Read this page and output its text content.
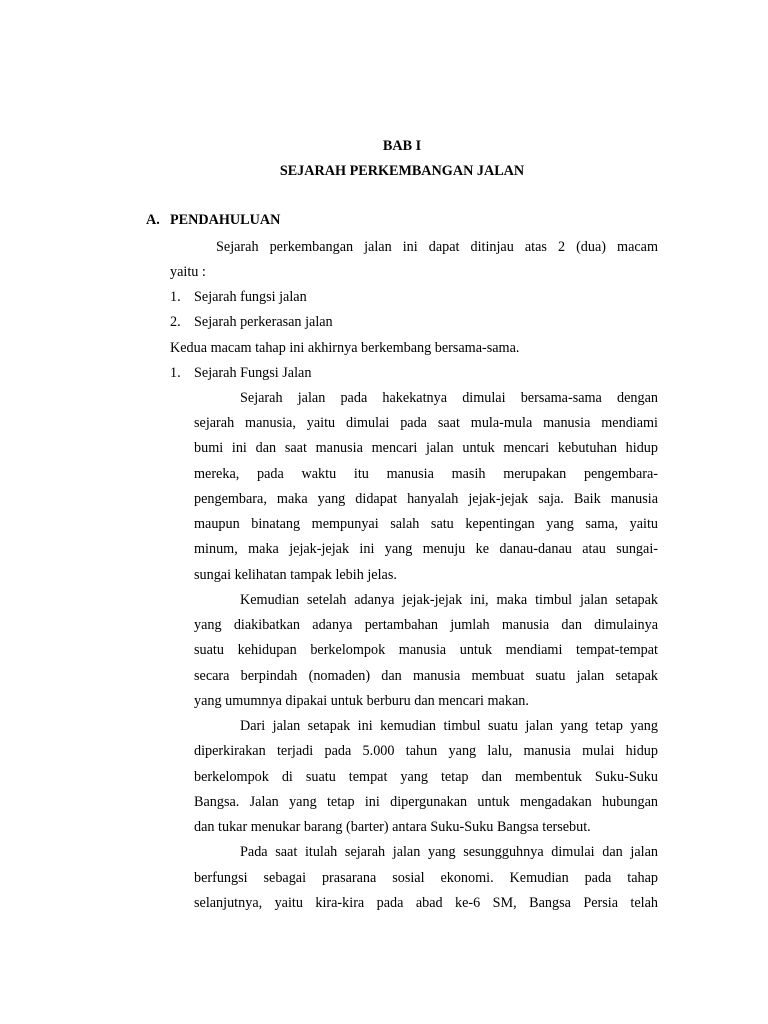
BAB I
SEJARAH PERKEMBANGAN JALAN
A. PENDAHULUAN
Sejarah perkembangan jalan ini dapat ditinjau atas 2 (dua) macam
yaitu :
1. Sejarah fungsi jalan
2. Sejarah perkerasan jalan
Kedua macam tahap ini akhirnya berkembang bersama-sama.
1. Sejarah Fungsi Jalan
Sejarah jalan pada hakekatnya dimulai bersama-sama dengan
sejarah manusia, yaitu dimulai pada saat mula-mula manusia mendiami
bumi ini dan saat manusia mencari jalan untuk mencari kebutuhan hidup
mereka, pada waktu itu manusia masih merupakan pengembara-
pengembara, maka yang didapat hanyalah jejak-jejak saja. Baik manusia
maupun binatang mempunyai salah satu kepentingan yang sama, yaitu
minum, maka jejak-jejak ini yang menuju ke danau-danau atau sungai-
sungai kelihatan tampak lebih jelas.
Kemudian setelah adanya jejak-jejak ini, maka timbul jalan setapak
yang diakibatkan adanya pertambahan jumlah manusia dan dimulainya
suatu kehidupan berkelompok manusia untuk mendiami tempat-tempat
secara berpindah (nomaden) dan manusia membuat suatu jalan setapak
yang umumnya dipakai untuk berburu dan mencari makan.
Dari jalan setapak ini kemudian timbul suatu jalan yang tetap yang
diperkirakan terjadi pada 5.000 tahun yang lalu, manusia mulai hidup
berkelompok di suatu tempat yang tetap dan membentuk Suku-Suku
Bangsa. Jalan yang tetap ini dipergunakan untuk mengadakan hubungan
dan tukar menukar barang (barter) antara Suku-Suku Bangsa tersebut.
Pada saat itulah sejarah jalan yang sesungguhnya dimulai dan jalan
berfungsi sebagai prasarana sosial ekonomi. Kemudian pada tahap
selanjutnya, yaitu kira-kira pada abad ke-6 SM, Bangsa Persia telah
